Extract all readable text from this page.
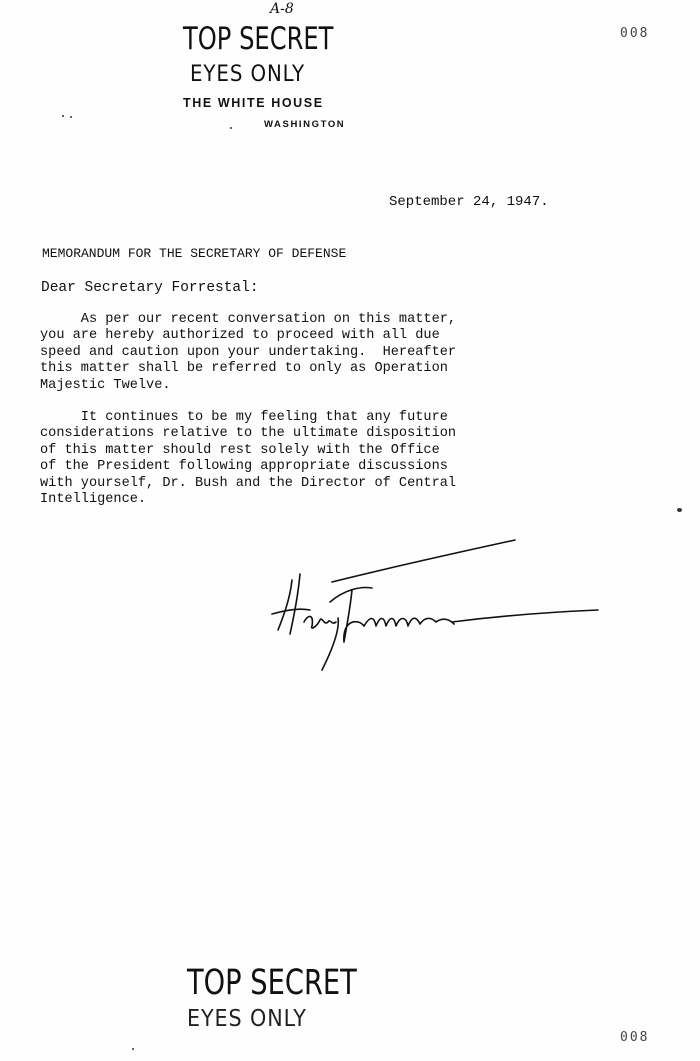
A-8
TOP SECRET
EYES ONLY
008
THE WHITE HOUSE
WASHINGTON
September 24, 1947.
MEMORANDUM FOR THE SECRETARY OF DEFENSE
Dear Secretary Forrestal:
As per our recent conversation on this matter,
you are hereby authorized to proceed with all due
speed and caution upon your undertaking.  Hereafter
this matter shall be referred to only as Operation
Majestic Twelve.
It continues to be my feeling that any future
considerations relative to the ultimate disposition
of this matter should rest solely with the Office
of the President following appropriate discussions
with yourself, Dr. Bush and the Director of Central
Intelligence.
TOP SECRET
EYES ONLY
008
